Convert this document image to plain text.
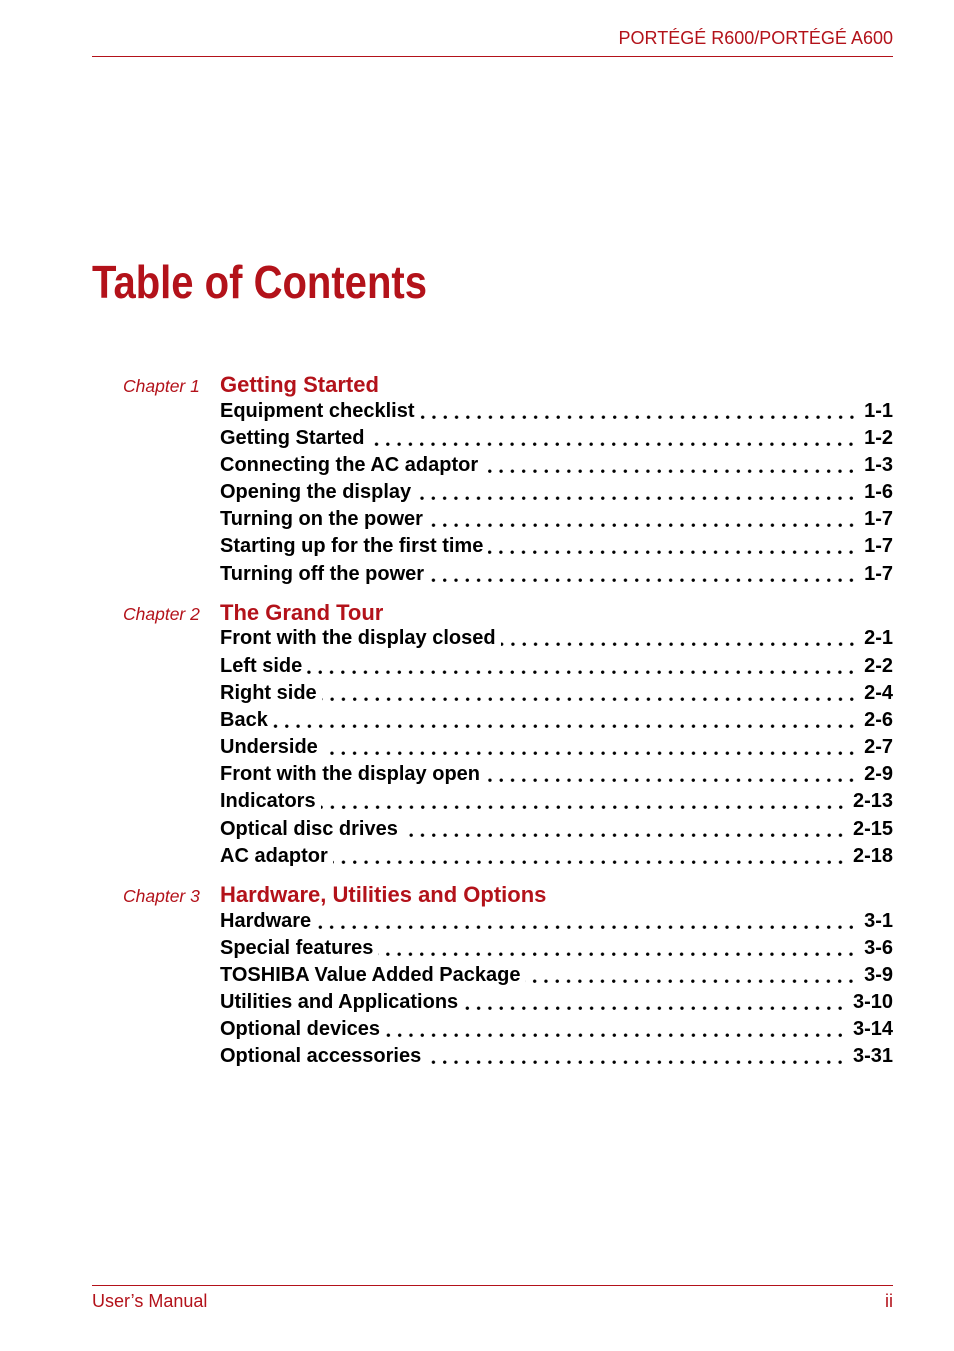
PORTÉGÉ R600/PORTÉGÉ A600
Table of Contents
Chapter 1 Getting Started
Equipment checklist	1-1
Getting Started	1-2
Connecting the AC adaptor	1-3
Opening the display	1-6
Turning on the power	1-7
Starting up for the first time	1-7
Turning off the power	1-7
Chapter 2 The Grand Tour
Front with the display closed	2-1
Left side	2-2
Right side	2-4
Back	2-6
Underside	2-7
Front with the display open	2-9
Indicators	2-13
Optical disc drives	2-15
AC adaptor	2-18
Chapter 3 Hardware, Utilities and Options
Hardware	3-1
Special features	3-6
TOSHIBA Value Added Package	3-9
Utilities and Applications	3-10
Optional devices	3-14
Optional accessories	3-31
User’s Manual	ii
